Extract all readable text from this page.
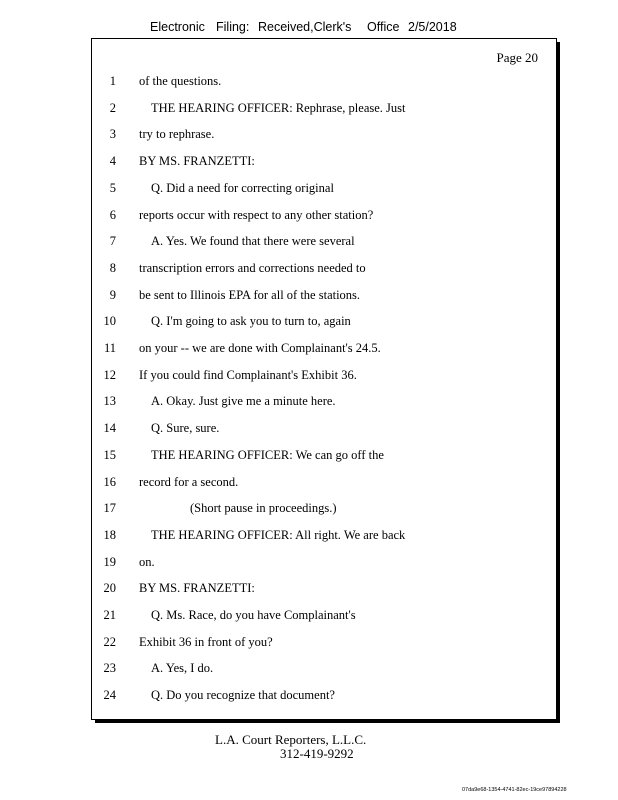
Electronic Filing: Received,Clerk's Office 2/5/2018
Page 20
1 of the questions.
2	THE HEARING OFFICER: Rephrase, please. Just
3 try to rephrase.
4 BY MS. FRANZETTI:
5	Q. Did a need for correcting original
6 reports occur with respect to any other station?
7	A. Yes. We found that there were several
8 transcription errors and corrections needed to
9 be sent to Illinois EPA for all of the stations.
10	Q. I'm going to ask you to turn to, again
11 on your -- we are done with Complainant's 24.5.
12 If you could find Complainant's Exhibit 36.
13	A. Okay. Just give me a minute here.
14	Q. Sure, sure.
15	THE HEARING OFFICER: We can go off the
16 record for a second.
17	(Short pause in proceedings.)
18	THE HEARING OFFICER: All right. We are back
19 on.
20 BY MS. FRANZETTI:
21	Q. Ms. Race, do you have Complainant's
22 Exhibit 36 in front of you?
23	A. Yes, I do.
24	Q. Do you recognize that document?
L.A. Court Reporters, L.L.C.
312-419-9292
07da9e68-1354-4741-82ec-19ce97894228
